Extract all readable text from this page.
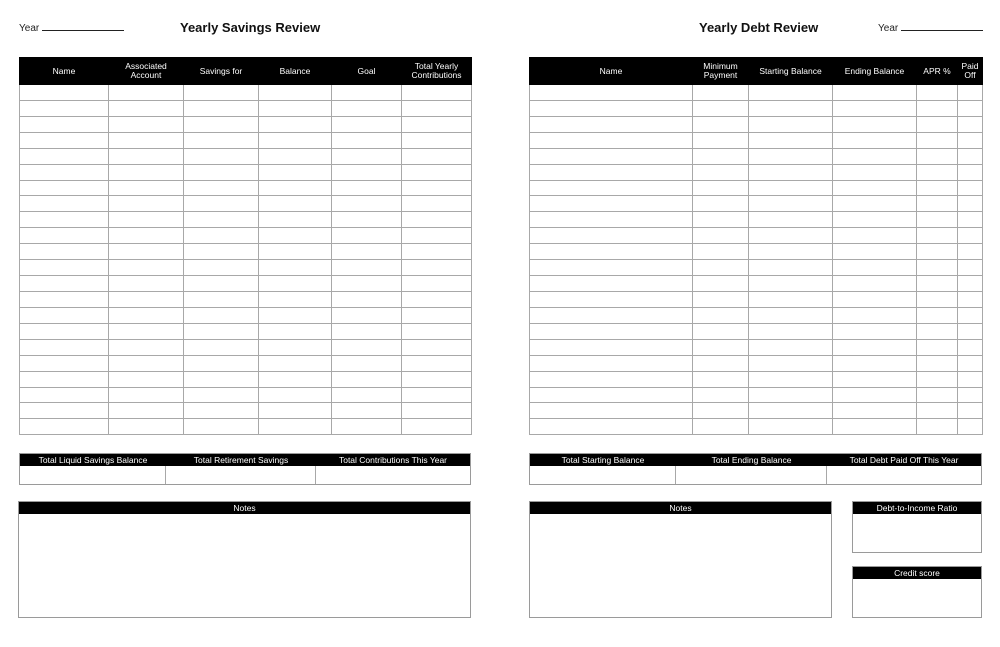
Year	Yearly Savings Review
Name	Associated Account	Savings for	Balance	Goal	Total Yearly Contributions

Total Liquid Savings Balance	Total Retirement Savings	Total Contributions This Year
Notes
Yearly Debt Review	Year
Name	Minimum Payment	Starting Balance	Ending Balance	APR %	Paid Off

Total Starting Balance	Total Ending Balance	Total Debt Paid Off This Year
Notes	Debt-to-Income Ratio
Credit score
